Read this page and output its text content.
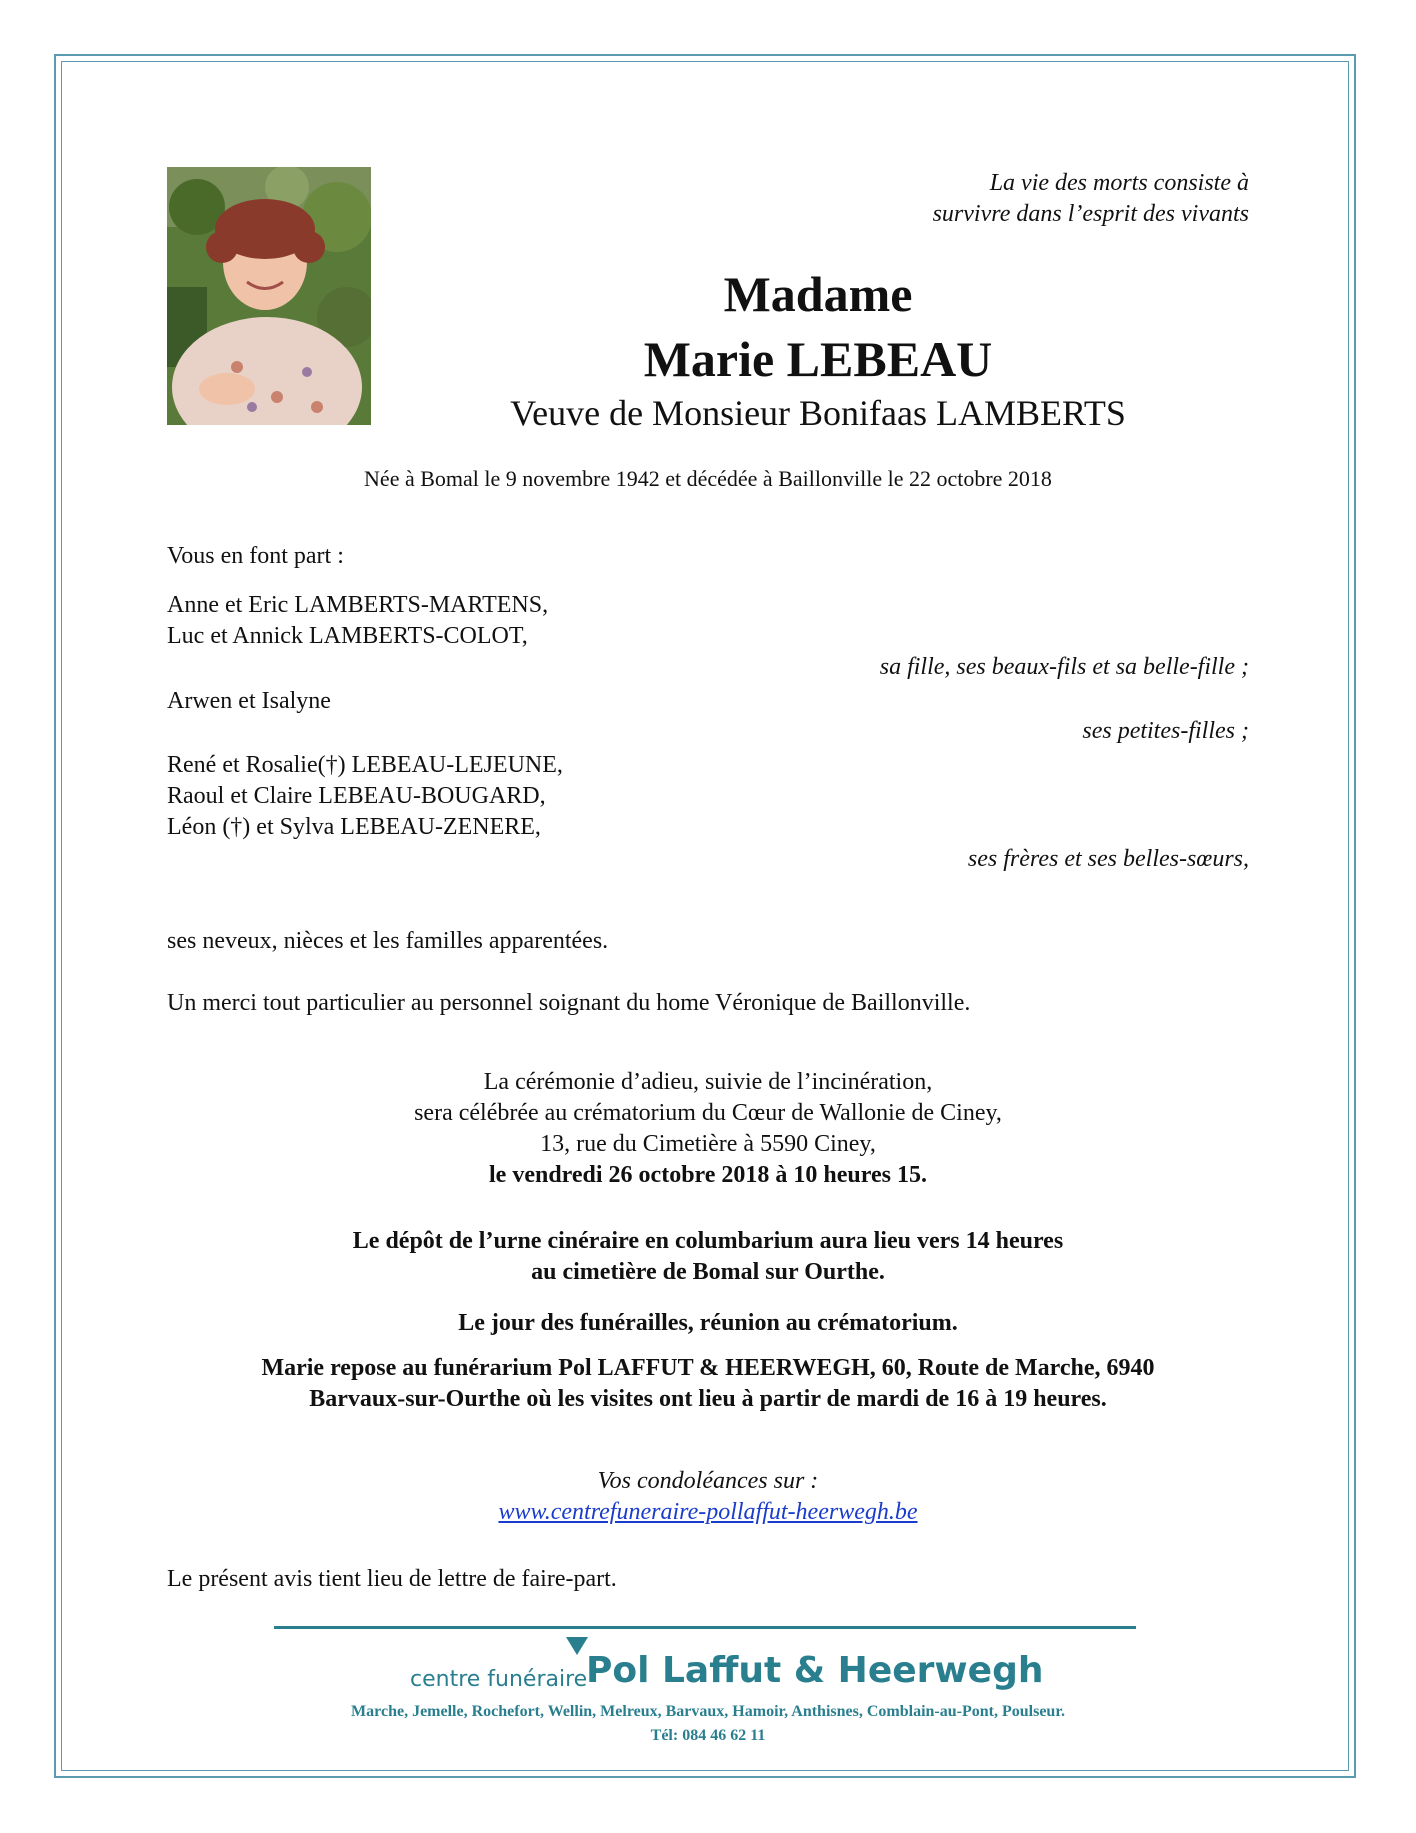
La vie des morts consiste à
survivre dans l’esprit des vivants
Madame
Marie LEBEAU
Veuve de Monsieur Bonifaas LAMBERTS
Née à Bomal le 9 novembre 1942 et décédée à Baillonville le 22 octobre 2018
Vous en font part :
Anne et Eric LAMBERTS-MARTENS,
Luc et Annick LAMBERTS-COLOT,
sa fille, ses beaux-fils et sa belle-fille ;
Arwen et Isalyne
ses petites-filles ;
René et Rosalie(†) LEBEAU-LEJEUNE,
Raoul et Claire LEBEAU-BOUGARD,
Léon (†) et Sylva LEBEAU-ZENERE,
ses frères et ses belles-sœurs,
ses neveux, nièces et les familles apparentées.
Un merci tout particulier au personnel soignant du home Véronique de Baillonville.
La cérémonie d’adieu, suivie de l’incinération,
sera célébrée au crématorium du Cœur de Wallonie de Ciney,
13, rue du Cimetière à 5590 Ciney,
le vendredi 26 octobre 2018 à 10 heures 15.
Le dépôt de l’urne cinéraire en columbarium aura lieu vers 14 heures
au cimetière de Bomal sur Ourthe.
Le jour des funérailles, réunion au crématorium.
Marie repose au funérarium Pol LAFFUT & HEERWEGH, 60, Route de Marche, 6940
Barvaux-sur-Ourthe où les visites ont lieu à partir de mardi de 16 à 19 heures.
Vos condoléances sur :
www.centrefuneraire-pollaffut-heerwegh.be
Le présent avis tient lieu de lettre de faire-part.
centre funéraire
Pol Laffut & Heerwegh
Marche, Jemelle, Rochefort, Wellin, Melreux, Barvaux, Hamoir, Anthisnes, Comblain-au-Pont, Poulseur.
Tél: 084 46 62 11
